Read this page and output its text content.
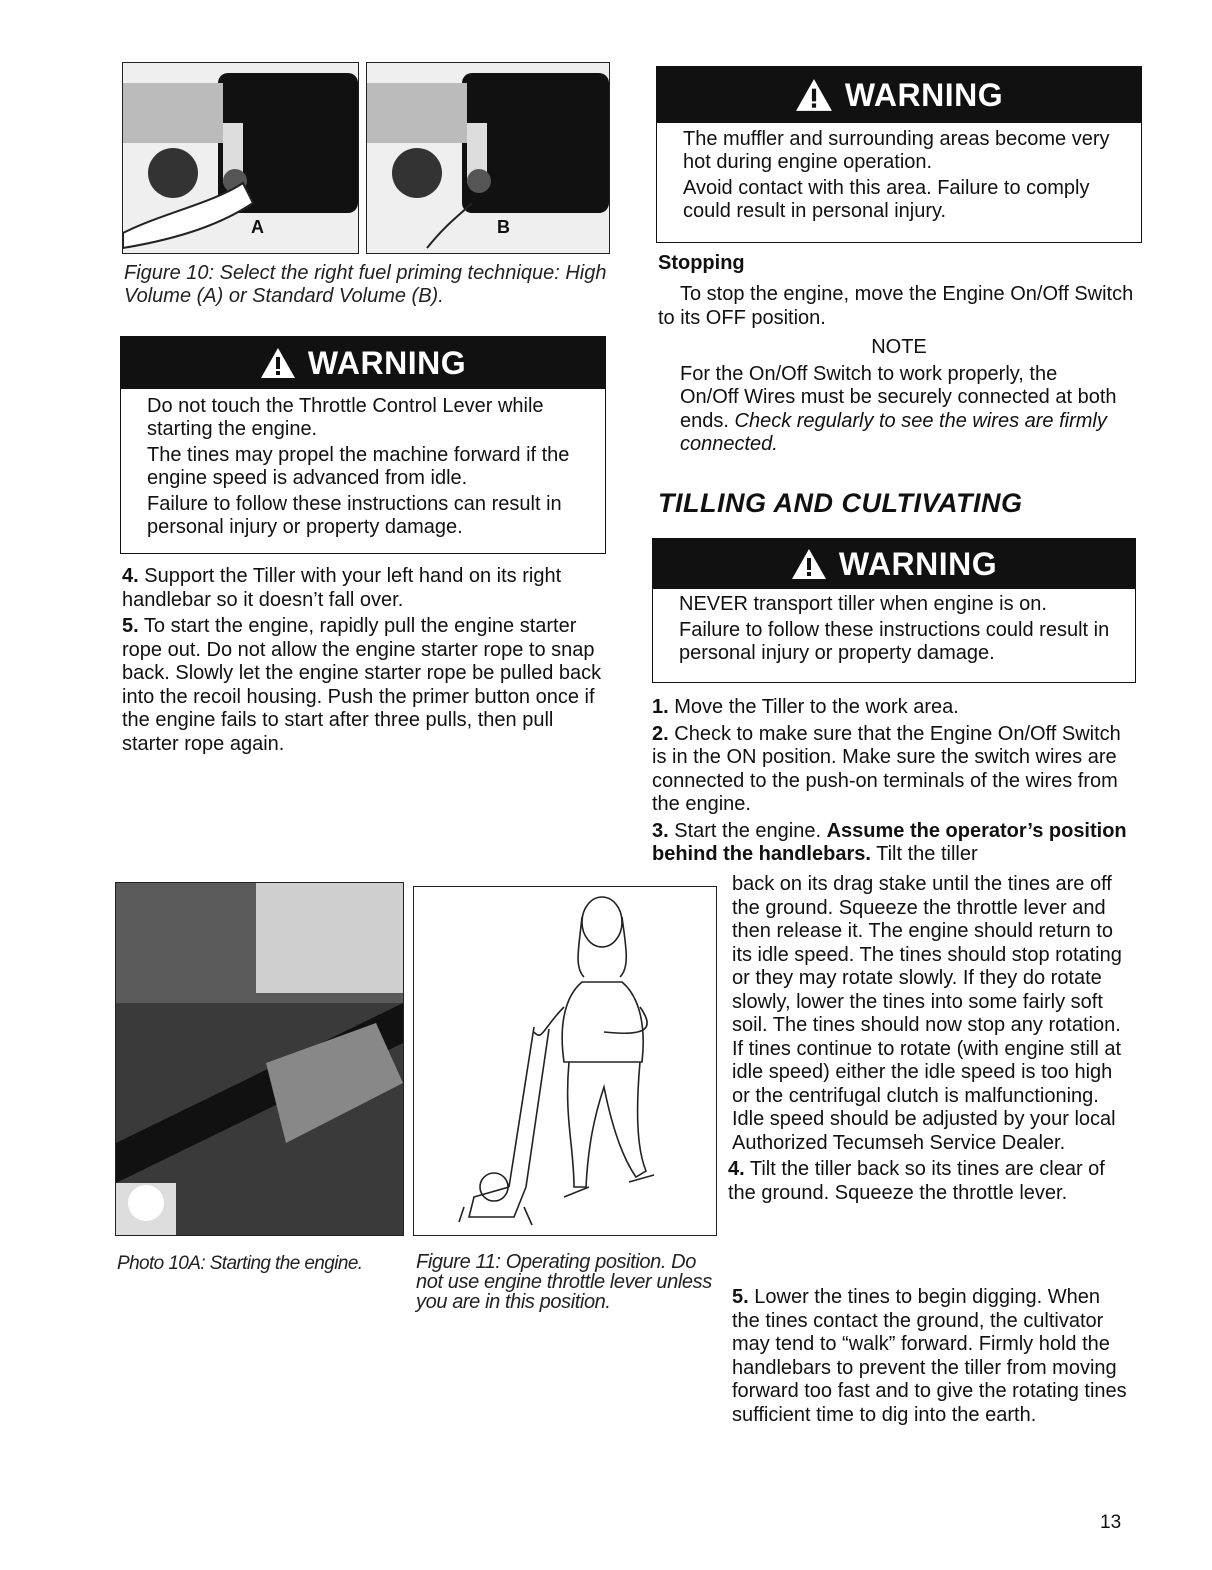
A	B
Figure 10: Select the right fuel priming technique: High Volume (A) or Standard Volume (B).
WARNING

Do not touch the Throttle Control Lever while starting the engine.

The tines may propel the machine forward if the engine speed is advanced from idle.

Failure to follow these instructions can result in personal injury or property damage.

4. Support the Tiller with your left hand on its right handlebar so it doesn’t fall over.

5. To start the engine, rapidly pull the engine starter rope out. Do not allow the engine starter rope to snap back. Slowly let the engine starter rope be pulled back into the recoil housing. Push the primer button once if the engine fails to start after three pulls, then pull starter rope again.

Photo 10A: Starting the engine.	Figure 11: Operating position. Do not use engine throttle lever unless you are in this position.
WARNING

The muffler and surrounding areas become very hot during engine operation.

Avoid contact with this area. Failure to comply could result in personal injury.

Stopping

To stop the engine, move the Engine On/Off Switch to its OFF position.

NOTE

For the On/Off Switch to work properly, the On/Off Wires must be securely connected at both ends. Check regularly to see the wires are firmly connected.

TILLING AND CULTIVATING
WARNING

NEVER transport tiller when engine is on.

Failure to follow these instructions could result in personal injury or property damage.

1. Move the Tiller to the work area.

2. Check to make sure that the Engine On/Off Switch is in the ON position. Make sure the switch wires are connected to the push-on terminals of the wires from the engine.

3. Start the engine. Assume the operator’s position behind the handlebars. Tilt the tiller

back on its drag stake until the tines are off the ground. Squeeze the throttle lever and then release it. The engine should return to its idle speed. The tines should stop rotating or they may rotate slowly. If they do rotate slowly, lower the tines into some fairly soft soil. The tines should now stop any rotation. If tines continue to rotate (with engine still at idle speed) either the idle speed is too high or the centrifugal clutch is malfunctioning. Idle speed should be adjusted by your local Authorized Tecumseh Service Dealer.

4. Tilt the tiller back so its tines are clear of the ground. Squeeze the throttle lever.

5. Lower the tines to begin digging. When the tines contact the ground, the cultivator may tend to “walk” forward. Firmly hold the handlebars to prevent the tiller from moving forward too fast and to give the rotating tines sufficient time to dig into the earth.

13
